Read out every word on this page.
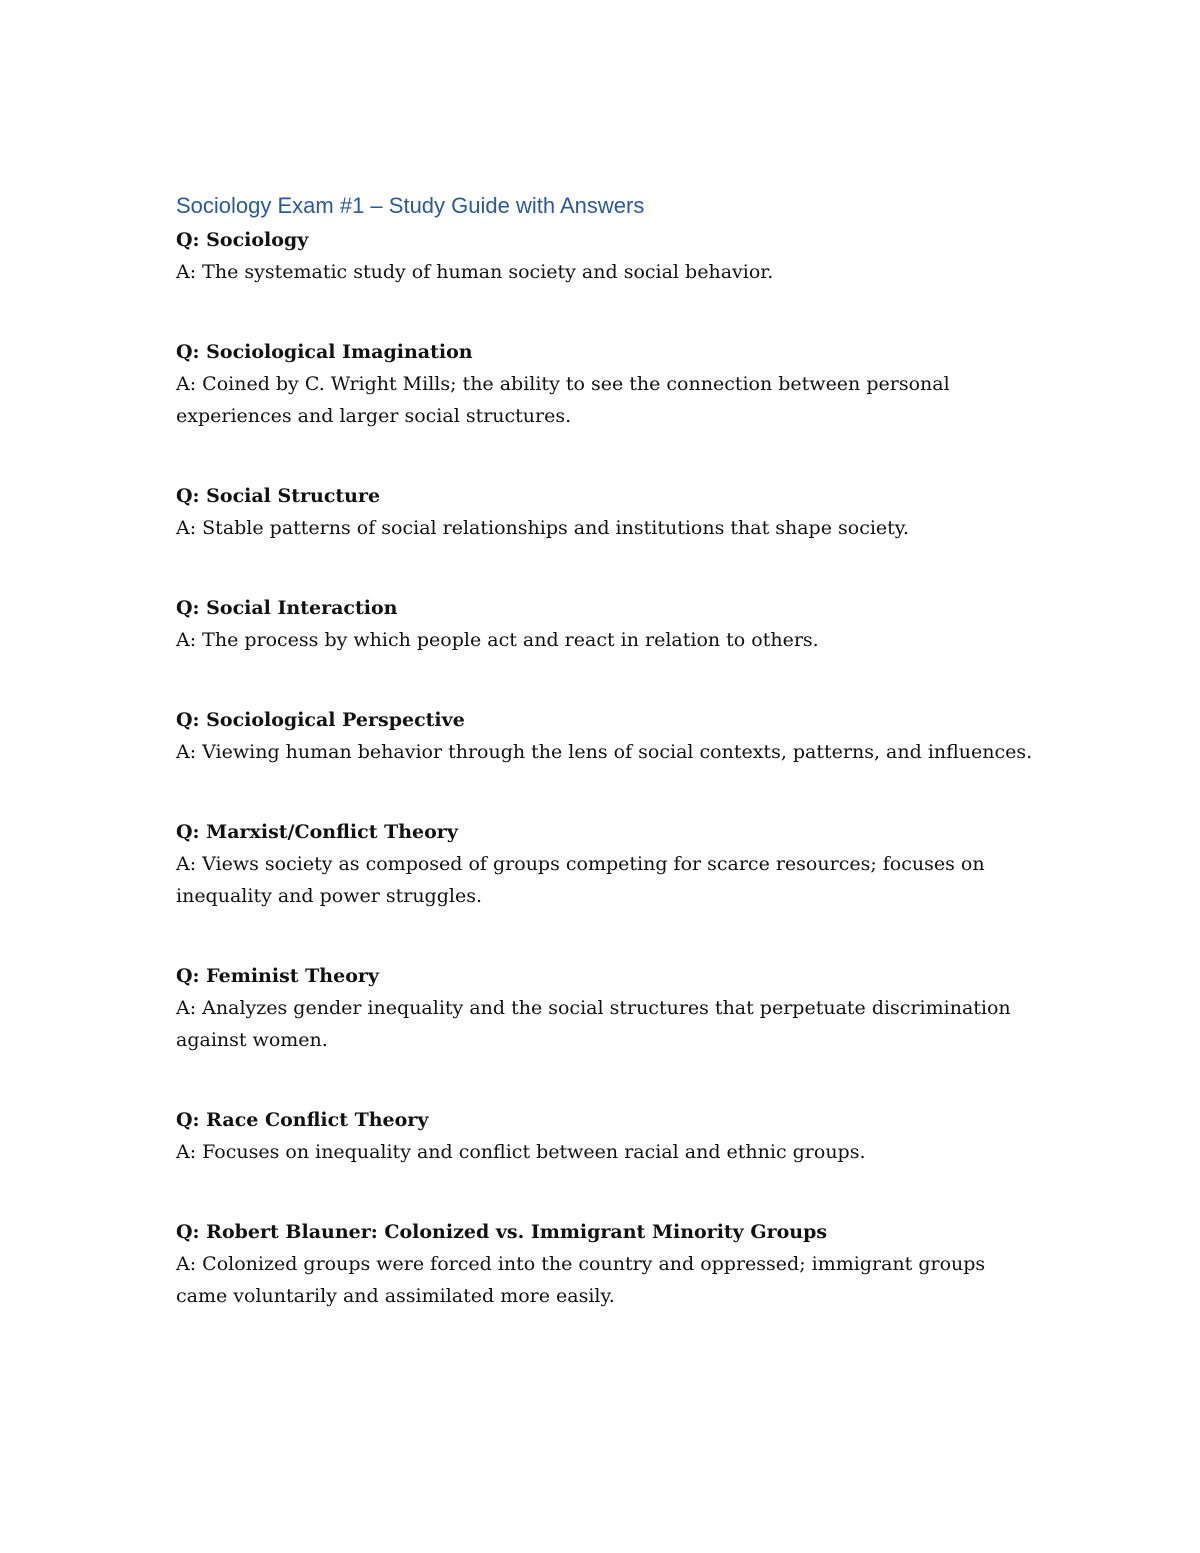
Sociology Exam #1 – Study Guide with Answers
Q: Sociology
A: The systematic study of human society and social behavior.
Q: Sociological Imagination
A: Coined by C. Wright Mills; the ability to see the connection between personal experiences and larger social structures.
Q: Social Structure
A: Stable patterns of social relationships and institutions that shape society.
Q: Social Interaction
A: The process by which people act and react in relation to others.
Q: Sociological Perspective
A: Viewing human behavior through the lens of social contexts, patterns, and influences.
Q: Marxist/Conflict Theory
A: Views society as composed of groups competing for scarce resources; focuses on inequality and power struggles.
Q: Feminist Theory
A: Analyzes gender inequality and the social structures that perpetuate discrimination against women.
Q: Race Conflict Theory
A: Focuses on inequality and conflict between racial and ethnic groups.
Q: Robert Blauner: Colonized vs. Immigrant Minority Groups
A: Colonized groups were forced into the country and oppressed; immigrant groups came voluntarily and assimilated more easily.
